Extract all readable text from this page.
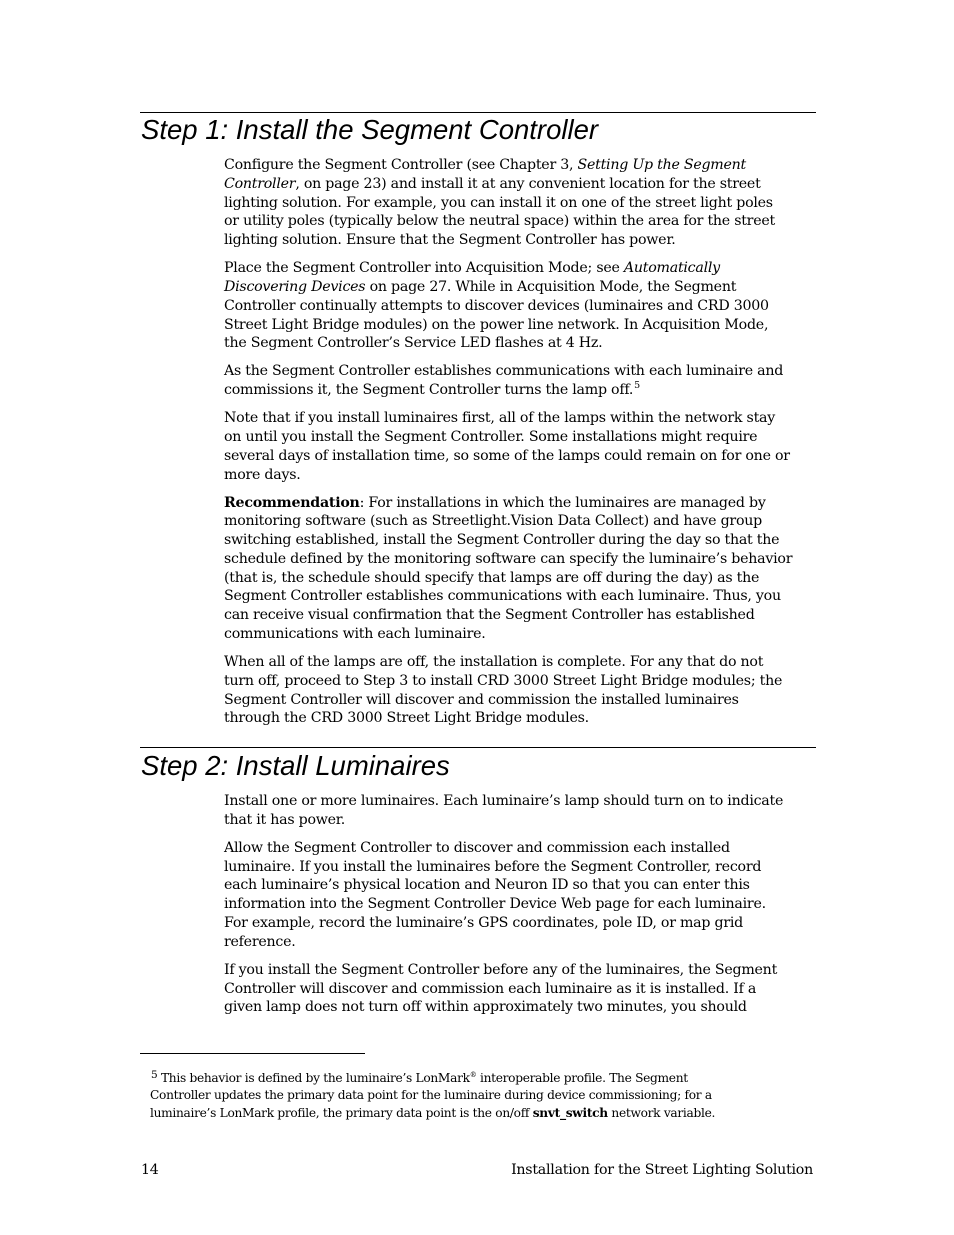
Step 1: Install the Segment Controller

Configure the Segment Controller (see Chapter 3, Setting Up the Segment
Controller, on page 23) and install it at any convenient location for the street
lighting solution. For example, you can install it on one of the street light poles
or utility poles (typically below the neutral space) within the area for the street
lighting solution. Ensure that the Segment Controller has power.

Place the Segment Controller into Acquisition Mode; see Automatically
Discovering Devices on page 27. While in Acquisition Mode, the Segment
Controller continually attempts to discover devices (luminaires and CRD 3000
Street Light Bridge modules) on the power line network. In Acquisition Mode,
the Segment Controller’s Service LED flashes at 4 Hz.

As the Segment Controller establishes communications with each luminaire and
commissions it, the Segment Controller turns the lamp off.$^5$

Note that if you install luminaires first, all of the lamps within the network stay
on until you install the Segment Controller. Some installations might require
several days of installation time, so some of the lamps could remain on for one or
more days.

Recommendation: For installations in which the luminaires are managed by
monitoring software (such as Streetlight.Vision Data Collect) and have group
switching established, install the Segment Controller during the day so that the
schedule defined by the monitoring software can specify the luminaire’s behavior
(that is, the schedule should specify that lamps are off during the day) as the
Segment Controller establishes communications with each luminaire. Thus, you
can receive visual confirmation that the Segment Controller has established
communications with each luminaire.

When all of the lamps are off, the installation is complete. For any that do not
turn off, proceed to Step 3 to install CRD 3000 Street Light Bridge modules; the
Segment Controller will discover and commission the installed luminaires
through the CRD 3000 Street Light Bridge modules.

Step 2: Install Luminaires

Install one or more luminaires. Each luminaire’s lamp should turn on to indicate
that it has power.

Allow the Segment Controller to discover and commission each installed
luminaire. If you install the luminaires before the Segment Controller, record
each luminaire’s physical location and Neuron ID so that you can enter this
information into the Segment Controller Device Web page for each luminaire.
For example, record the luminaire’s GPS coordinates, pole ID, or map grid
reference.

If you install the Segment Controller before any of the luminaires, the Segment
Controller will discover and commission each luminaire as it is installed. If a
given lamp does not turn off within approximately two minutes, you should

$^5$ This behavior is defined by the luminaire’s LonMark® interoperable profile. The Segment
Controller updates the primary data point for the luminaire during device commissioning; for a
luminaire’s LonMark profile, the primary data point is the on/off snvt_switch network variable.
14	Installation for the Street Lighting Solution
